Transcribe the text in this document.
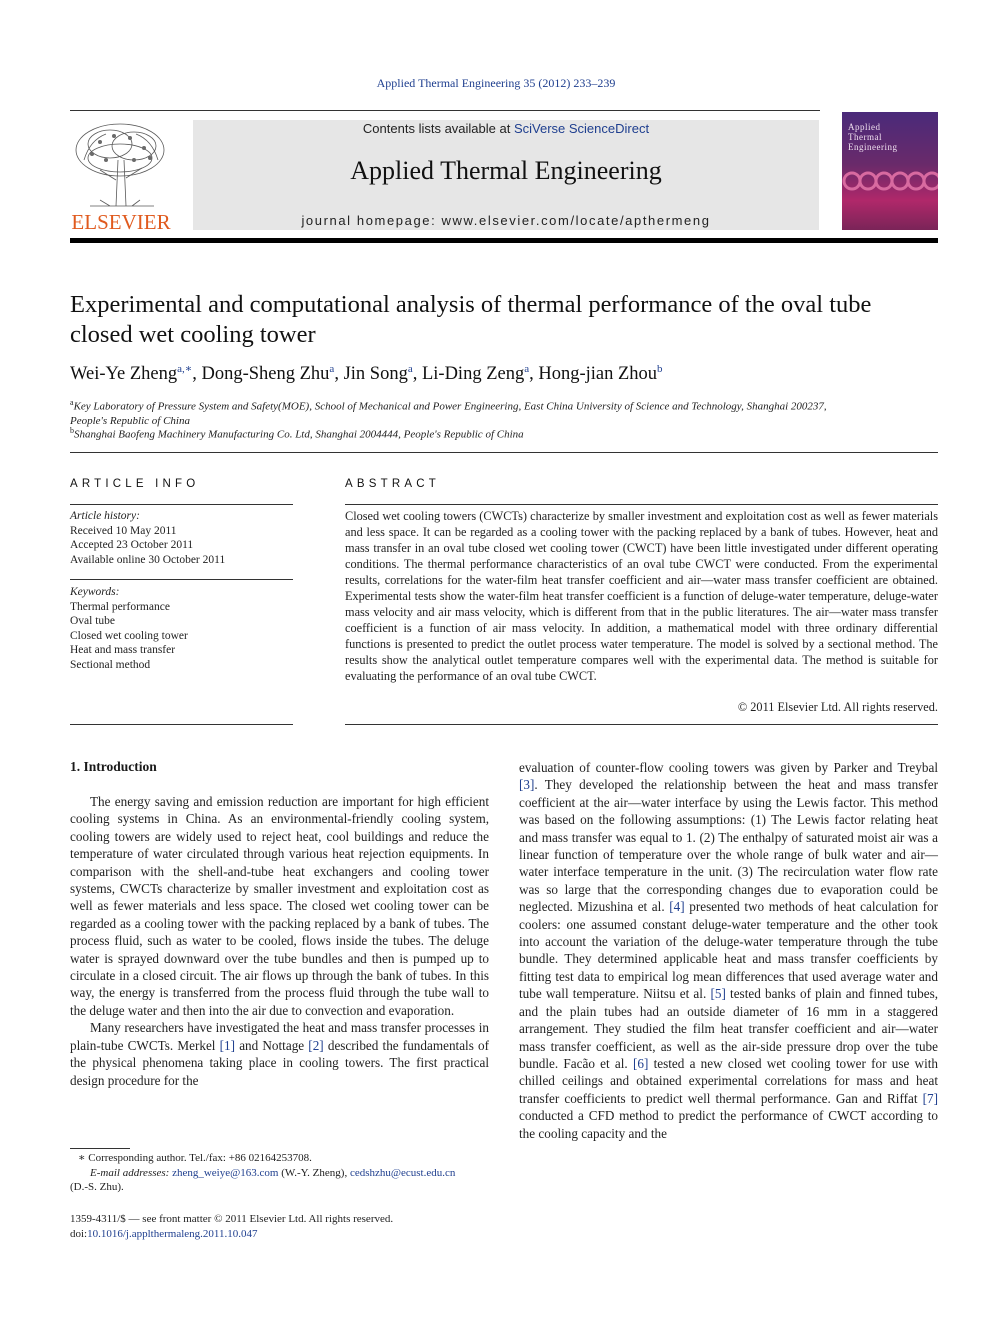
Applied Thermal Engineering 35 (2012) 233–239
ELSEVIER
Contents lists available at SciVerse ScienceDirect
Applied Thermal Engineering
journal homepage: www.elsevier.com/locate/apthermeng
Applied
Thermal
Engineering
Experimental and computational analysis of thermal performance of the oval tube
closed wet cooling tower
Wei-Ye Zheng$^{a,∗}$, Dong-Sheng Zhu$^a$, Jin Song$^a$, Li-Ding Zeng$^a$, Hong-jian Zhou$^b$
$^a$Key Laboratory of Pressure System and Safety(MOE), School of Mechanical and Power Engineering, East China University of Science and Technology, Shanghai 200237,
People's Republic of China
$^b$Shanghai Baofeng Machinery Manufacturing Co. Ltd, Shanghai 2004444, People's Republic of China
ARTICLE INFO
Article history:
Received 10 May 2011
Accepted 23 October 2011
Available online 30 October 2011
Keywords:
Thermal performance
Oval tube
Closed wet cooling tower
Heat and mass transfer
Sectional method
ABSTRACT
Closed wet cooling towers (CWCTs) characterize by smaller investment and exploitation cost as well as fewer materials and less space. It can be regarded as a cooling tower with the packing replaced by a bank of tubes. However, heat and mass transfer in an oval tube closed wet cooling tower (CWCT) have been little investigated under different operating conditions. The thermal performance characteristics of an oval tube CWCT were conducted. From the experimental results, correlations for the water-film heat transfer coefficient and air—water mass transfer coefficient are obtained. Experimental tests show the water-film heat transfer coefficient is a function of deluge-water temperature, deluge-water mass velocity and air mass velocity, which is different from that in the public literatures. The air—water mass transfer coefficient is a function of air mass velocity. In addition, a mathematical model with three ordinary differential functions is presented to predict the outlet process water temperature. The model is solved by a sectional method. The results show the analytical outlet temperature compares well with the experimental data. The method is suitable for evaluating the performance of an oval tube CWCT.
© 2011 Elsevier Ltd. All rights reserved.
1. Introduction

The energy saving and emission reduction are important for high efficient cooling systems in China. As an environmental-friendly cooling system, cooling towers are widely used to reject heat, cool buildings and reduce the temperature of water circulated through various heat rejection equipments. In comparison with the shell-and-tube heat exchangers and cooling tower systems, CWCTs characterize by smaller investment and exploitation cost as well as fewer materials and less space. The closed wet cooling tower can be regarded as a cooling tower with the packing replaced by a bank of tubes. The process fluid, such as water to be cooled, flows inside the tubes. The deluge water is sprayed downward over the tube bundles and then is pumped up to circulate in a closed circuit. The air flows up through the bank of tubes. In this way, the energy is transferred from the process fluid through the tube wall to the deluge water and then into the air due to convection and evaporation.

Many researchers have investigated the heat and mass transfer processes in plain-tube CWCTs. Merkel [1] and Nottage [2] described the fundamentals of the physical phenomena taking place in cooling towers. The first practical design procedure for the

evaluation of counter-flow cooling towers was given by Parker and Treybal [3]. They developed the relationship between the heat and mass transfer coefficient at the air—water interface by using the Lewis factor. This method was based on the following assumptions: (1) The Lewis factor relating heat and mass transfer was equal to 1. (2) The enthalpy of saturated moist air was a linear function of temperature over the whole range of bulk water and air—water interface temperature in the unit. (3) The recirculation water flow rate was so large that the corresponding changes due to evaporation could be neglected. Mizushina et al. [4] presented two methods of heat calculation for coolers: one assumed constant deluge-water temperature and the other took into account the variation of the deluge-water temperature through the tube bundle. They determined applicable heat and mass transfer coefficients by fitting test data to empirical log mean differences that used average water and tube wall temperature. Niitsu et al. [5] tested banks of plain and finned tubes, and the plain tubes had an outside diameter of 16 mm in a staggered arrangement. They studied the film heat transfer coefficient and air—water mass transfer coefficient, as well as the air-side pressure drop over the tube bundle. Facão et al. [6] tested a new closed wet cooling tower for use with chilled ceilings and obtained experimental correlations for mass and heat transfer coefficients to predict well thermal performance. Gan and Riffat [7] conducted a CFD method to predict the performance of CWCT according to the cooling capacity and the

∗ Corresponding author. Tel./fax: +86 02164253708.
E-mail addresses: zheng_weiye@163.com (W.-Y. Zheng), cedshzhu@ecust.edu.cn
(D.-S. Zhu).
1359-4311/$ — see front matter © 2011 Elsevier Ltd. All rights reserved.
doi:10.1016/j.applthermaleng.2011.10.047
